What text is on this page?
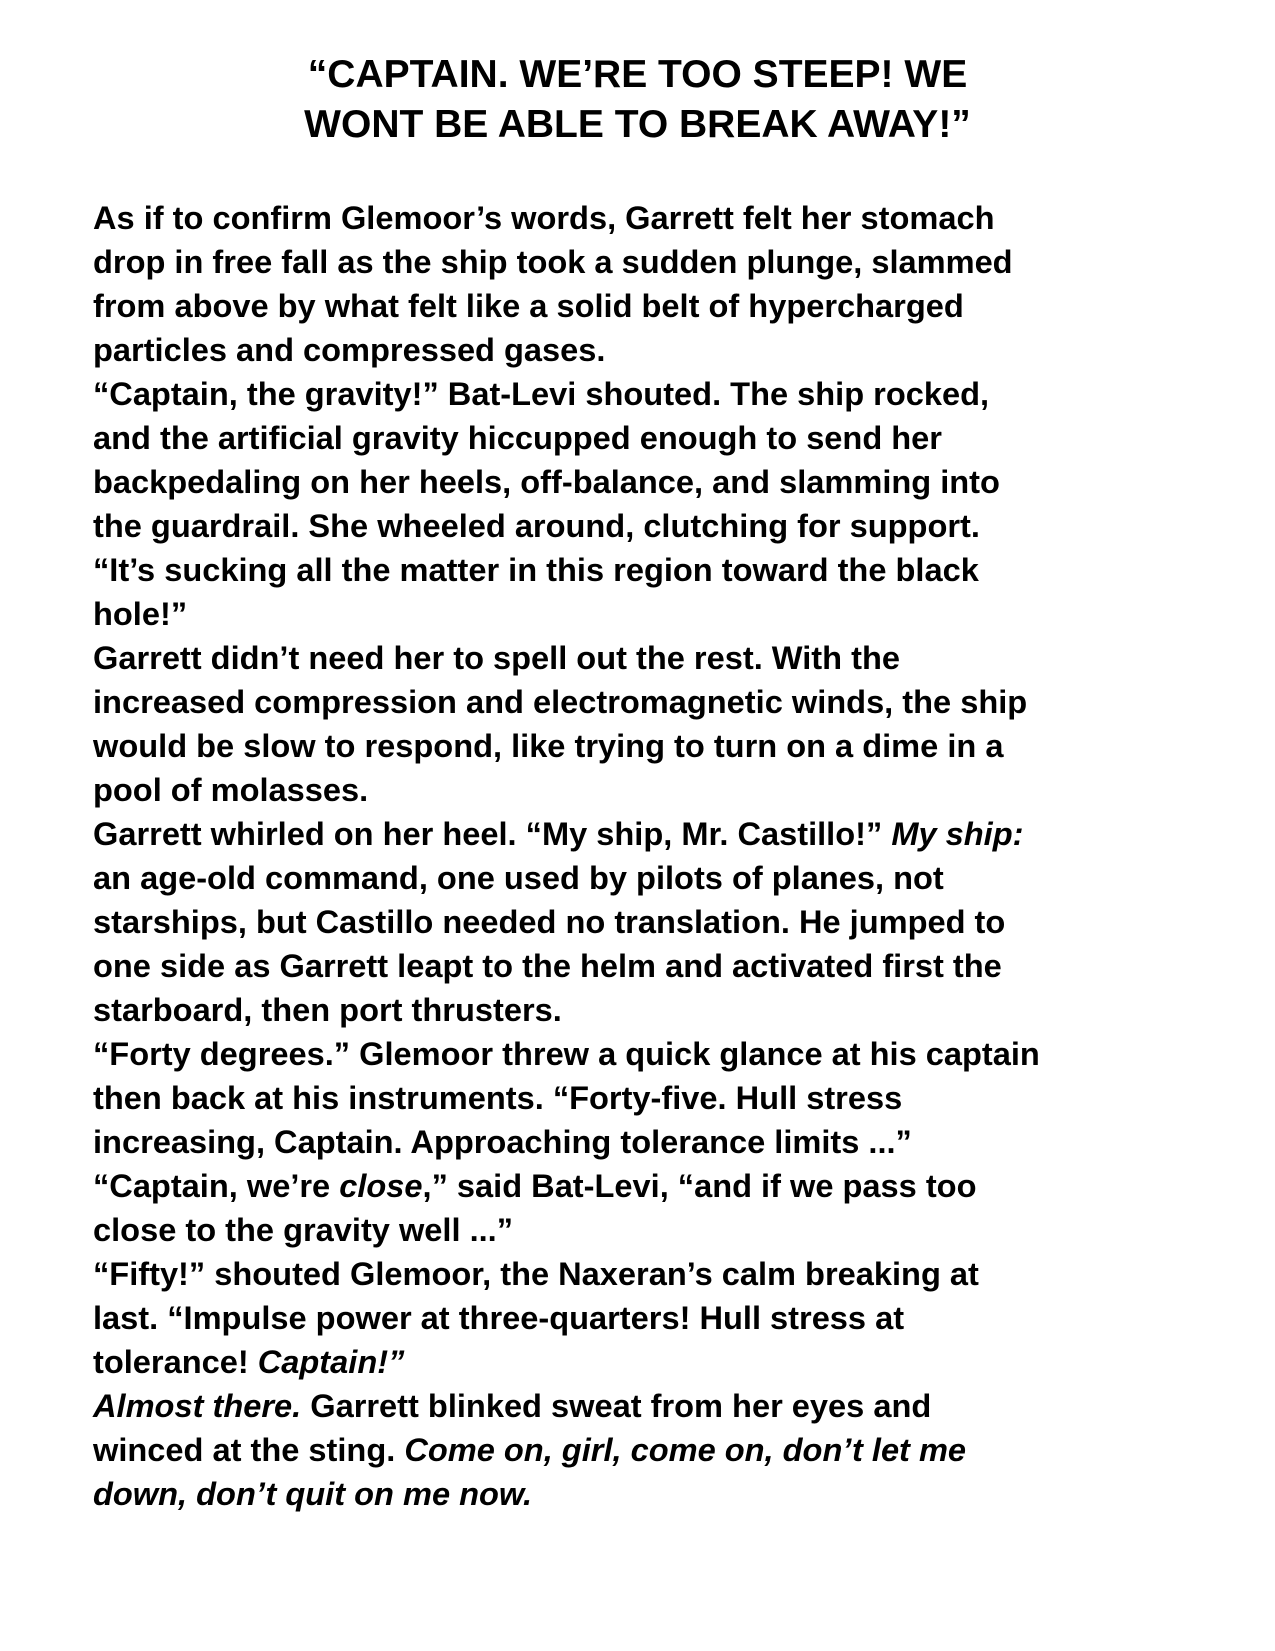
“CAPTAIN. WE’RE TOO STEEP! WE
WONT BE ABLE TO BREAK AWAY!”
As if to confirm Glemoor’s words, Garrett felt her stomach
drop in free fall as the ship took a sudden plunge, slammed
from above by what felt like a solid belt of hypercharged
particles and compressed gases.
“Captain, the gravity!” Bat-Levi shouted. The ship rocked,
and the artificial gravity hiccupped enough to send her
backpedaling on her heels, off-balance, and slamming into
the guardrail. She wheeled around, clutching for support.
“It’s sucking all the matter in this region toward the black
hole!”
Garrett didn’t need her to spell out the rest. With the
increased compression and electromagnetic winds, the ship
would be slow to respond, like trying to turn on a dime in a
pool of molasses.
Garrett whirled on her heel. “My ship, Mr. Castillo!” My ship:
an age-old command, one used by pilots of planes, not
starships, but Castillo needed no translation. He jumped to
one side as Garrett leapt to the helm and activated first the
starboard, then port thrusters.
“Forty degrees.” Glemoor threw a quick glance at his captain
then back at his instruments. “Forty-five. Hull stress
increasing, Captain. Approaching tolerance limits ...”
“Captain, we’re close,” said Bat-Levi, “and if we pass too
close to the gravity well ...”
“Fifty!” shouted Glemoor, the Naxeran’s calm breaking at
last. “Impulse power at three-quarters! Hull stress at
tolerance! Captain!”
Almost there. Garrett blinked sweat from her eyes and
winced at the sting. Come on, girl, come on, don’t let me
down, don’t quit on me now.
